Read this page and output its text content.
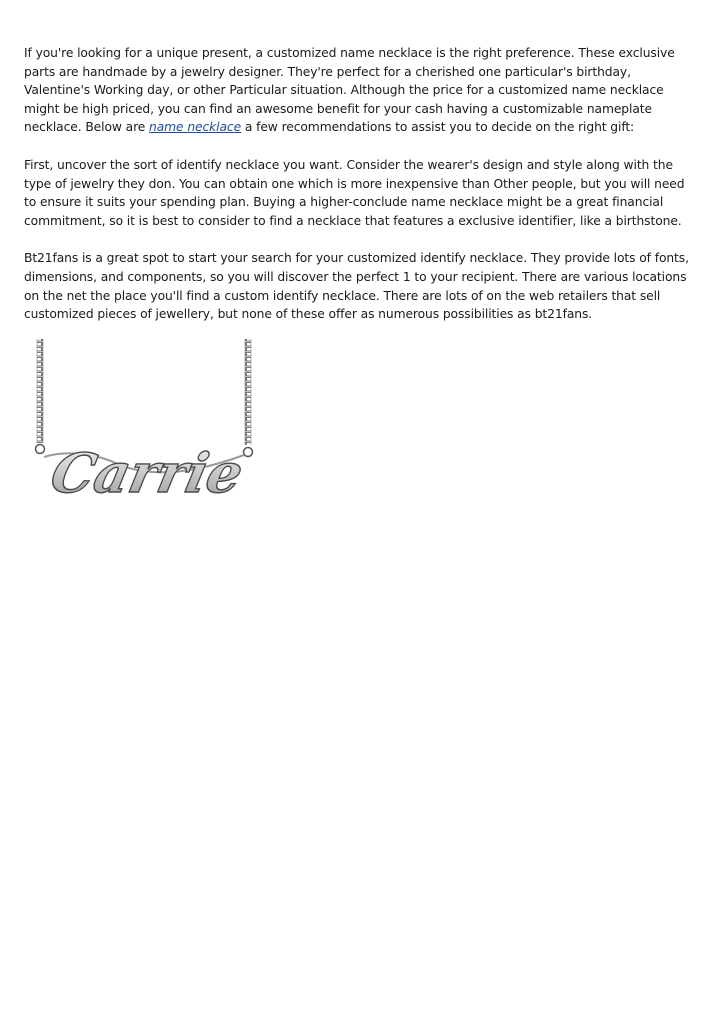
If you're looking for a unique present, a customized name necklace is the right preference. These exclusive parts are handmade by a jewelry designer. They're perfect for a cherished one particular's birthday, Valentine's Working day, or other Particular situation. Although the price for a customized name necklace might be high priced, you can find an awesome benefit for your cash having a customizable nameplate necklace. Below are name necklace a few recommendations to assist you to decide on the right gift:

First, uncover the sort of identify necklace you want. Consider the wearer's design and style along with the type of jewelry they don. You can obtain one which is more inexpensive than Other people, but you will need to ensure it suits your spending plan. Buying a higher-conclude name necklace might be a great financial commitment, so it is best to consider to find a necklace that features a exclusive identifier, like a birthstone.

Bt21fans is a great spot to start your search for your customized identify necklace. They provide lots of fonts, dimensions, and components, so you will discover the perfect 1 to your recipient. There are various locations on the net the place you'll find a custom identify necklace. There are lots of on the web retailers that sell customized pieces of jewellery, but none of these offer as numerous possibilities as bt21fans.

Carrie
